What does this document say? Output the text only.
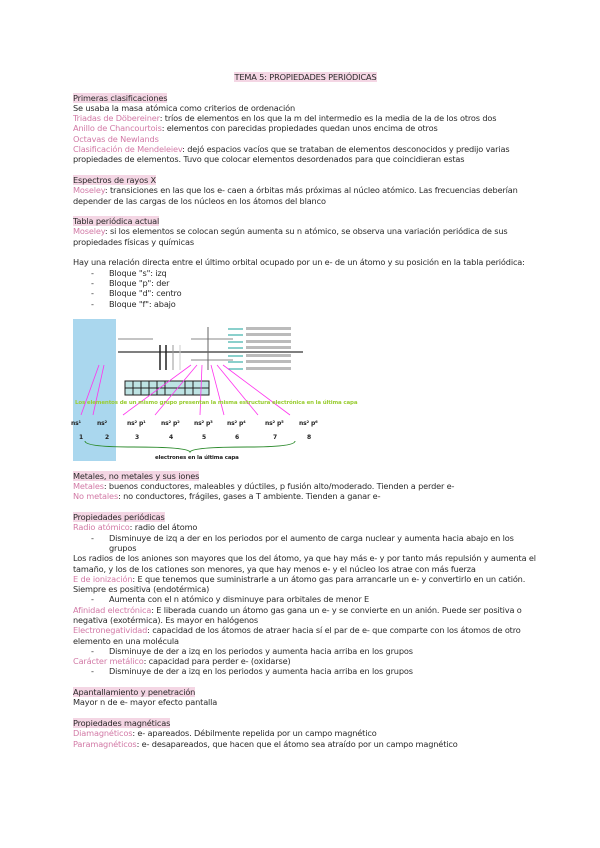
TEMA 5: PROPIEDADES PERIÓDICAS
Primeras clasificaciones
Se usaba la masa atómica como criterios de ordenación
Triadas de Döbereiner: tríos de elementos en los que la m del intermedio es la media de la de los otros dos
Anillo de Chancourtois: elementos con parecidas propiedades quedan unos encima de otros
Octavas de Newlands
Clasificación de Mendeleiev: dejó espacios vacíos que se trataban de elementos desconocidos y predijo varias propiedades de elementos. Tuvo que colocar elementos desordenados para que coincidieran estas
Espectros de rayos X
Moseley: transiciones en las que los e- caen a órbitas más próximas al núcleo atómico. Las frecuencias deberían depender de las cargas de los núcleos en los átomos del blanco
Tabla periódica actual
Moseley: si los elementos se colocan según aumenta su n atómico, se observa una variación periódica de sus propiedades físicas y químicas
Hay una relación directa entre el último orbital ocupado por un e- de un átomo y su posición en la tabla periódica:
- Bloque "s": izq
- Bloque "p": der
- Bloque "d": centro
- Bloque "f": abajo
Los elementos de un mismo grupo presentan la misma estructura electrónica en la última capa
ns¹
1
ns²
2
ns² p¹
3
ns² p²
4
ns² p³
5
ns² p⁴
6
ns² p⁵
7
ns² p⁶
8
electrones en la última capa
Metales, no metales y sus iones
Metales: buenos conductores, maleables y dúctiles, p fusión alto/moderado. Tienden a perder e-
No metales: no conductores, frágiles, gases a T ambiente. Tienden a ganar e-
Propiedades periódicas
Radio atómico: radio del átomo
- Disminuye de izq a der en los periodos por el aumento de carga nuclear y aumenta hacia abajo en los grupos
Los radios de los aniones son mayores que los del átomo, ya que hay más e- y por tanto más repulsión y aumenta el tamaño, y los de los cationes son menores, ya que hay menos e- y el núcleo los atrae con más fuerza
E de ionización: E que tenemos que suministrarle a un átomo gas para arrancarle un e- y convertirlo en un catión. Siempre es positiva (endotérmica)
- Aumenta con el n atómico y disminuye para orbitales de menor E
Afinidad electrónica: E liberada cuando un átomo gas gana un e- y se convierte en un anión. Puede ser positiva o negativa (exotérmica). Es mayor en halógenos
Electronegatividad: capacidad de los átomos de atraer hacia sí el par de e- que comparte con los átomos de otro elemento en una molécula
- Disminuye de der a izq en los periodos y aumenta hacia arriba en los grupos
Carácter metálico: capacidad para perder e- (oxidarse)
- Disminuye de der a izq en los periodos y aumenta hacia arriba en los grupos
Apantallamiento y penetración
Mayor n de e- mayor efecto pantalla
Propiedades magnéticas
Diamagnéticos: e- apareados. Débilmente repelida por un campo magnético
Paramagnéticos: e- desapareados, que hacen que el átomo sea atraído por un campo magnético
